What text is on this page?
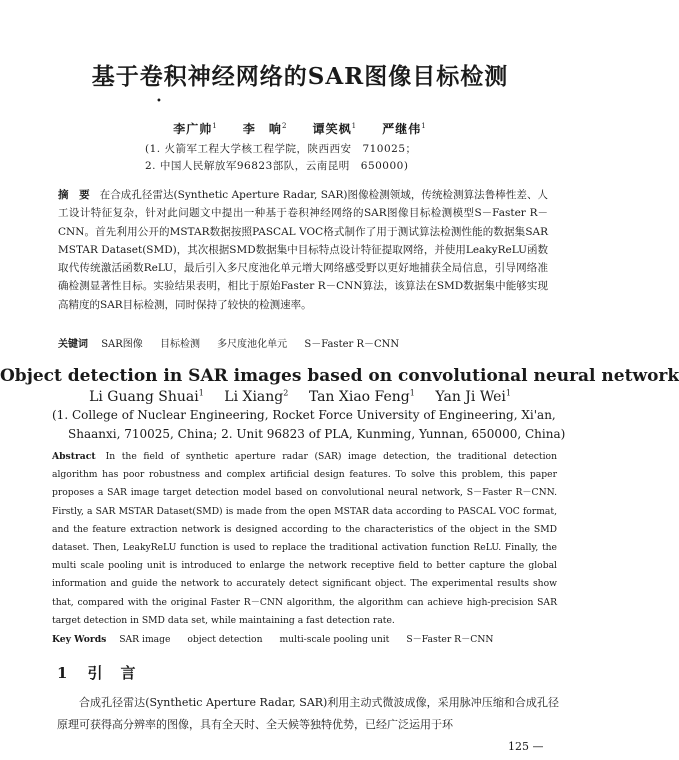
基于卷积神经网络的SAR图像目标检测
•
李广帅$^1$ 李　响$^2$ 谭笑枫$^1$ 严继伟$^1$
(1. 火箭军工程大学核工程学院，陕西西安　710025；
2. 中国人民解放军96823部队，云南昆明　650000)
摘　要 在合成孔径雷达(Synthetic Aperture Radar, SAR)图像检测领域，传统检测算法鲁棒性差、人工设计特征复杂，针对此问题文中提出一种基于卷积神经网络的SAR图像目标检测模型S－Faster R－CNN。首先利用公开的MSTAR数据按照PASCAL VOC格式制作了用于测试算法检测性能的数据集SAR MSTAR Dataset(SMD)，其次根据SMD数据集中目标特点设计特征提取网络，并使用LeakyReLU函数取代传统激活函数ReLU，最后引入多尺度池化单元增大网络感受野以更好地捕获全局信息，引导网络准确检测显著性目标。实验结果表明，相比于原始Faster R－CNN算法，该算法在SMD数据集中能够实现高精度的SAR目标检测，同时保持了较快的检测速率。
关键词 SAR图像 目标检测 多尺度池化单元 S－Faster R－CNN
Object detection in SAR images based on convolutional neural network
Li Guang Shuai$^1$ Li Xiang$^2$ Tan Xiao Feng$^1$ Yan Ji Wei$^1$
(1. College of Nuclear Engineering, Rocket Force University of Engineering, Xi'an,
Shaanxi, 710025, China; 2. Unit 96823 of PLA, Kunming, Yunnan, 650000, China)
Abstract In the field of synthetic aperture radar (SAR) image detection, the traditional detection algorithm has poor robustness and complex artificial design features. To solve this problem, this paper proposes a SAR image target detection model based on convolutional neural network, S－Faster R－CNN. Firstly, a SAR MSTAR Dataset(SMD) is made from the open MSTAR data according to PASCAL VOC format, and the feature extraction network is designed according to the characteristics of the object in the SMD dataset. Then, LeakyReLU function is used to replace the traditional activation function ReLU. Finally, the multi scale pooling unit is introduced to enlarge the network receptive field to better capture the global information and guide the network to accurately detect significant object. The experimental results show that, compared with the original Faster R－CNN algorithm, the algorithm can achieve high-precision SAR target detection in SMD data set, while maintaining a fast detection rate.
Key Words SAR image object detection multi-scale pooling unit S－Faster R－CNN
1 引言
合成孔径雷达(Synthetic Aperture Radar, SAR)利用主动式微波成像，采用脉冲压缩和合成孔径原理可获得高分辨率的图像，具有全天时、全天候等独特优势，已经广泛运用于环
125 —
